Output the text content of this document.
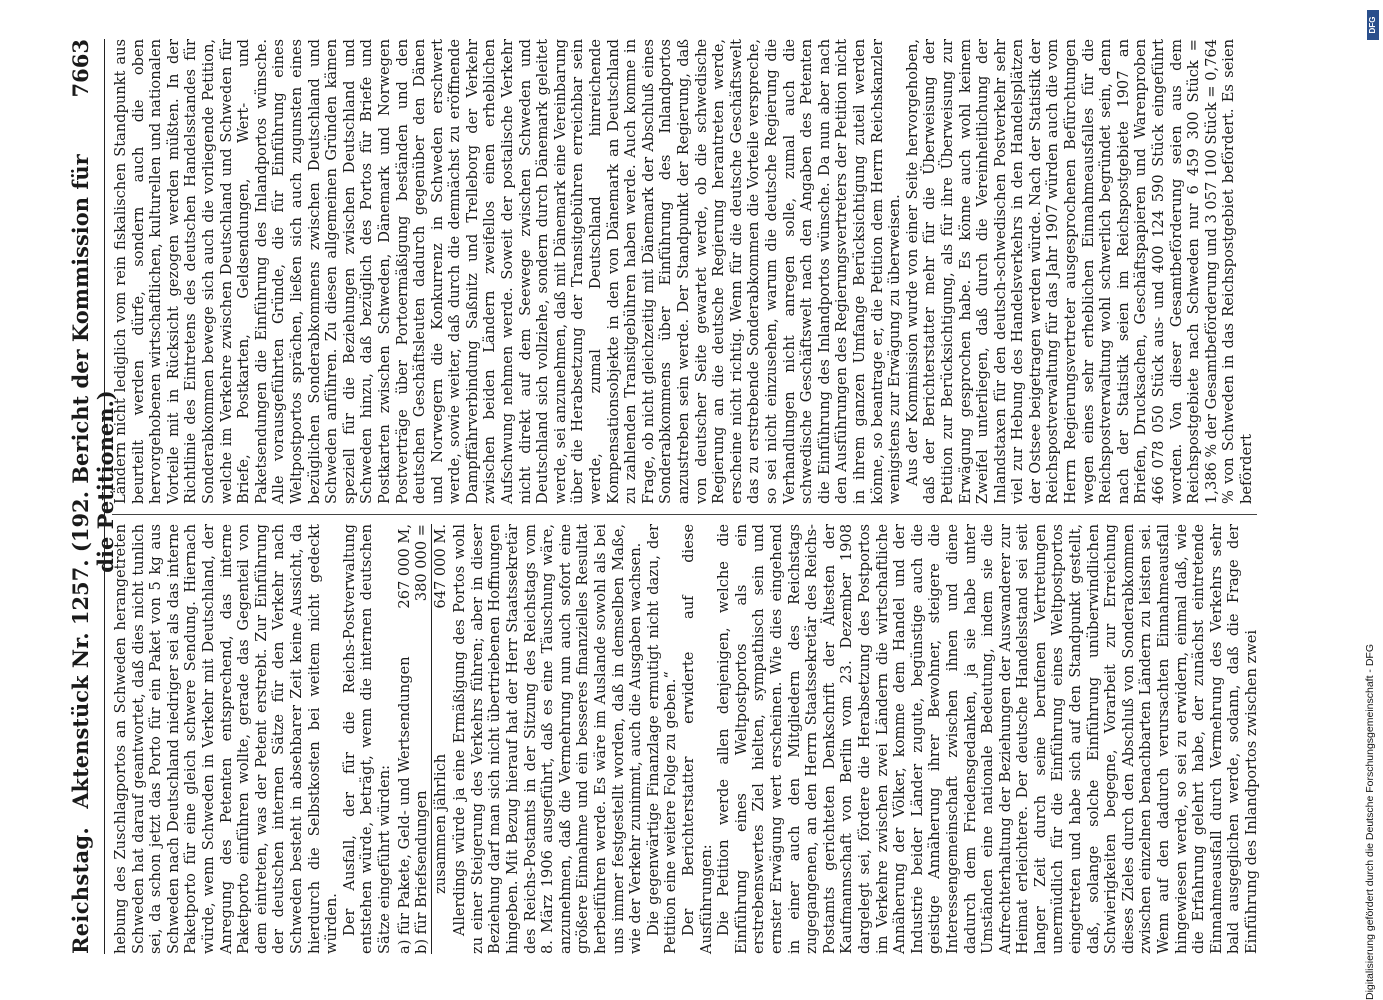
Reichstag.
Aktenstück Nr. 1257. (192. Bericht der Kommission für die Petitionen.)
7663

hebung des Zuschlagportos an Schweden herangetreten Schweden hat darauf geantwortet, daß dies nicht tunlich sei, da schon jetzt das Porto für ein Paket von 5 kg aus Schweden nach Deutschland niedriger sei als das interne Paketporto für eine gleich schwere Sendung. Hiernach würde, wenn Schweden in Verkehr mit Deutschland, der Anregung des Petenten entsprechend, das interne Paketporto einführen wollte, gerade das Gegenteil von dem eintreten, was der Petent erstrebt. Zur Einführung der deutschen internen Sätze für den Verkehr nach Schweden besteht in absehbarer Zeit keine Aussicht, da hierdurch die Selbstkosten bei weitem nicht gedeckt würden. Der Ausfall, der für die Reichs-Postverwaltung entstehen würde, beträgt, wenn die internen deutschen Sätze eingeführt würden: a) für Pakete, Geld- und Wertsendungen	267 000 M,
b) für Briefsendungen	380 000 =
zusammen jährlich	647 000 M. Allerdings würde ja eine Ermäßigung des Portos wohl zu einer Steigerung des Verkehrs führen; aber in dieser Beziehung darf man sich nicht übertriebenen Hoffnungen hingeben. Mit Bezug hierauf hat der Herr Staatssekretär des Reichs-Postamts in der Sitzung des Reichstags vom 8. März 1906 ausgeführt, daß es eine Täuschung wäre, anzunehmen, daß die Vermehrung nun auch sofort eine größere Einnahme und ein besseres finanzielles Resultat herbeiführen werde. Es wäre im Auslande sowohl als bei uns immer festgestellt worden, daß in demselben Maße, wie der Verkehr zunimmt, auch die Ausgaben wachsen. Die gegenwärtige Finanzlage ermutigt nicht dazu, der Petition eine weitere Folge zu geben.“ Der Berichterstatter erwiderte auf diese Ausführungen: Die Petition werde allen denjenigen, welche die Einführung eines Weltpostportos als ein erstrebenswertes Ziel hielten, sympathisch sein und ernster Erwägung wert erscheinen. Wie dies eingehend in einer auch den Mitgliedern des Reichstags zugegangenen, an den Herrn Staatssekretär des Reichs-Postamts gerichteten Denkschrift der Ältesten der Kaufmannschaft von Berlin vom 23. Dezember 1908 dargelegt sei, fördere die Herabsetzung des Postportos im Verkehre zwischen zwei Ländern die wirtschaftliche Annäherung der Völker, komme dem Handel und der Industrie beider Länder zugute, begünstige auch die geistige Annäherung ihrer Bewohner, steigere die Interessengemeinschaft zwischen ihnen und diene dadurch dem Friedensgedanken, ja sie habe unter Umständen eine nationale Bedeutung, indem sie die Aufrechterhaltung der Beziehungen der Auswanderer zur Heimat erleichtere. Der deutsche Handelsstand sei seit langer Zeit durch seine berufenen Vertretungen unermüdlich für die Einführung eines Weltpostportos eingetreten und habe sich auf den Standpunkt gestellt, daß, solange solche Einführung unüberwindlichen Schwierigkeiten begegne, Vorarbeit zur Erreichung dieses Zieles durch den Abschluß von Sonderabkommen zwischen einzelnen benachbarten Ländern zu leisten sei. Wenn auf den dadurch verursachten Einnahmeausfall hingewiesen werde, so sei zu erwidern, einmal daß, wie die Erfahrung gelehrt habe, der zunächst eintretende Einnahmeausfall durch Vermehrung des Verkehrs sehr bald ausgeglichen werde, sodann, daß die Frage der Einführung des Inlandportos zwischen zwei

Ländern nicht lediglich vom rein fiskalischen Standpunkt aus beurteilt werden dürfe, sondern auch die oben hervorgehobenen wirtschaftlichen, kulturellen und nationalen Vorteile mit in Rücksicht gezogen werden müßten. In der Richtlinie des Eintretens des deutschen Handelsstandes für Sonderabkommen bewege sich auch die vorliegende Petition, welche im Verkehre zwischen Deutschland und Schweden für Briefe, Postkarten, Geldsendungen, Wert- und Paketsendungen die Einführung des Inlandportos wünsche. Alle vorausgeführten Gründe, die für Einführung eines Weltpostportos sprächen, ließen sich auch zugunsten eines bezüglichen Sonderabkommens zwischen Deutschland und Schweden anführen. Zu diesen allgemeinen Gründen kämen speziell für die Beziehungen zwischen Deutschland und Schweden hinzu, daß bezüglich des Portos für Briefe und Postkarten zwischen Schweden, Dänemark und Norwegen Postverträge über Portoermäßigung beständen und den deutschen Geschäftsleuten dadurch gegenüber den Dänen und Norwegern die Konkurrenz in Schweden erschwert werde, sowie weiter, daß durch die demnächst zu eröffnende Dampffährverbindung Saßnitz und Trelleborg der Verkehr zwischen beiden Ländern zweifellos einen erheblichen Aufschwung nehmen werde. Soweit der postalische Verkehr nicht direkt auf dem Seewege zwischen Schweden und Deutschland sich vollziehe, sondern durch Dänemark geleitet werde, sei anzunehmen, daß mit Dänemark eine Vereinbarung über die Herabsetzung der Transitgebühren erreichbar sein werde, zumal Deutschland hinreichende Kompensationsobjekte in den von Dänemark an Deutschland zu zahlenden Transitgebühren haben werde. Auch komme in Frage, ob nicht gleichzeitig mit Dänemark der Abschluß eines Sonderabkommens über Einführung des Inlandportos anzustreben sein werde. Der Standpunkt der Regierung, daß von deutscher Seite gewartet werde, ob die schwedische Regierung an die deutsche Regierung herantreten werde, erscheine nicht richtig. Wenn für die deutsche Geschäftswelt das zu erstrebende Sonderabkommen die Vorteile verspreche, so sei nicht einzusehen, warum die deutsche Regierung die Verhandlungen nicht anregen solle, zumal auch die schwedische Geschäftswelt nach den Angaben des Petenten die Einführung des Inlandportos wünsche. Da nun aber nach den Ausführungen des Regierungsvertreters der Petition nicht in ihrem ganzen Umfange Berücksichtigung zuteil werden könne, so beantrage er, die Petition dem Herrn Reichskanzler wenigstens zur Erwägung zu überweisen. Aus der Kommission wurde von einer Seite hervorgehoben, daß der Berichterstatter mehr für die Überweisung der Petition zur Berücksichtigung, als für ihre Überweisung zur Erwägung gesprochen habe. Es könne auch wohl keinem Zweifel unterliegen, daß durch die Vereinheitlichung der Inlandstaxen für den deutsch-schwedischen Postverkehr sehr viel zur Hebung des Handelsverkehrs in den Handelsplätzen der Ostsee beigetragen werden würde. Nach der Statistik der Reichspostverwaltung für das Jahr 1907 würden auch die vom Herrn Regierungsvertreter ausgesprochenen Befürchtungen wegen eines sehr erheblichen Einnahmeausfalles für die Reichspostverwaltung wohl schwerlich begründet sein, denn nach der Statistik seien im Reichspostgebiete 1907 an Briefen, Drucksachen, Geschäftspapieren und Warenproben 466 078 050 Stück aus- und 400 124 590 Stück eingeführt worden. Von dieser Gesamtbeförderung seien aus dem Reichspostgebiete nach Schweden nur 6 459 300 Stück = 1,386 % der Gesamtbeförderung und 3 057 100 Stück = 0,764 % von Schweden in das Reichspostgebiet befördert. Es seien befördert

Digitalisierung gefördert durch die Deutsche Forschungsgemeinschaft - DFG
DFG
